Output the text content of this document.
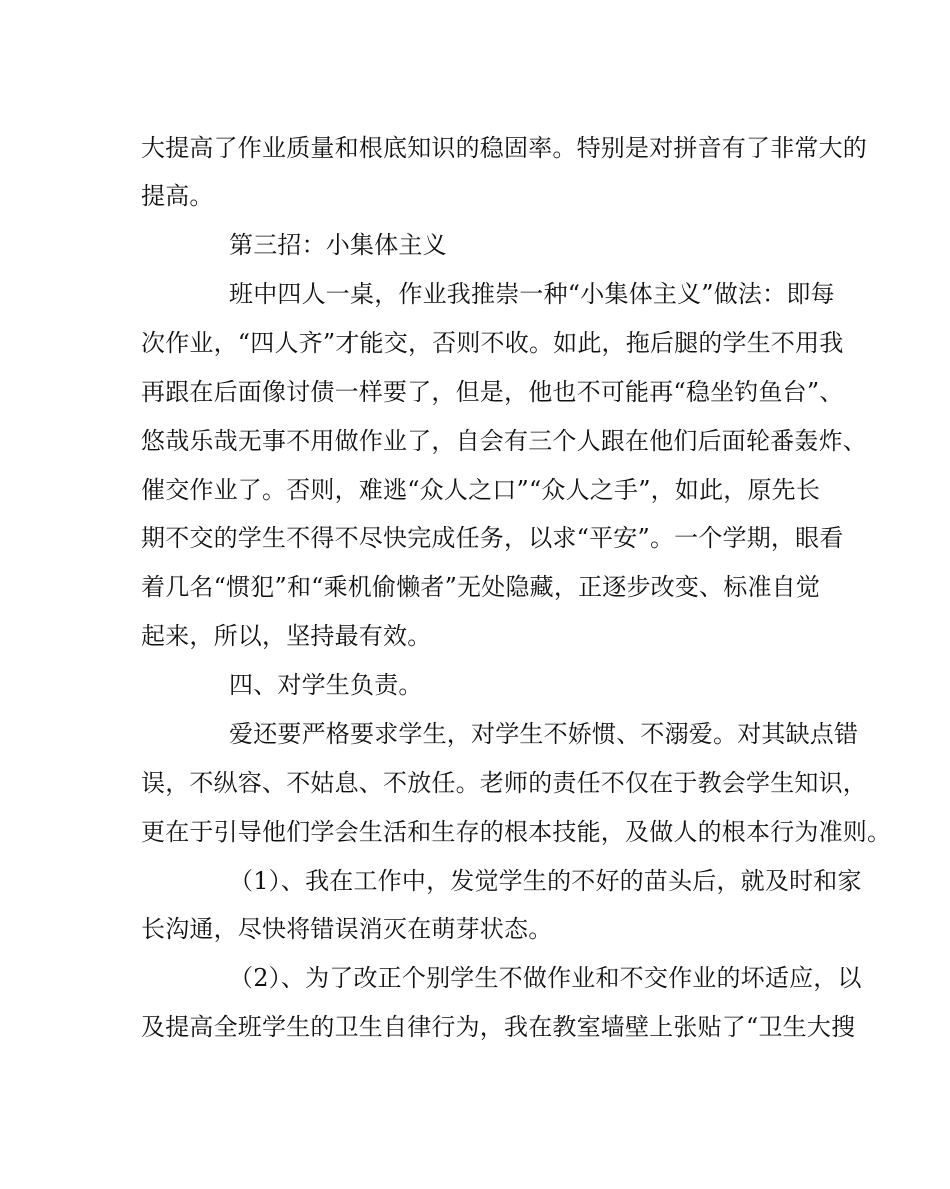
大提高了作业质量和根底知识的稳固率。特别是对拼音有了非常大的
提高。
第三招：小集体主义
班中四人一桌，作业我推崇一种“小集体主义”做法：即每
次作业，“四人齐”才能交，否则不收。如此，拖后腿的学生不用我
再跟在后面像讨债一样要了，但是，他也不可能再“稳坐钓鱼台”、
悠哉乐哉无事不用做作业了，自会有三个人跟在他们后面轮番轰炸、
催交作业了。否则，难逃“众人之口”“众人之手”，如此，原先长
期不交的学生不得不尽快完成任务，以求“平安”。一个学期，眼看
着几名“惯犯”和“乘机偷懒者”无处隐藏，正逐步改变、标准自觉
起来，所以，坚持最有效。
四、对学生负责。
爱还要严格要求学生，对学生不娇惯、不溺爱。对其缺点错
误，不纵容、不姑息、不放任。老师的责任不仅在于教会学生知识，
更在于引导他们学会生活和生存的根本技能，及做人的根本行为准则。
（1）、我在工作中，发觉学生的不好的苗头后，就及时和家
长沟通，尽快将错误消灭在萌芽状态。
（2）、为了改正个别学生不做作业和不交作业的坏适应，以
及提高全班学生的卫生自律行为，我在教室墙壁上张贴了“卫生大搜
